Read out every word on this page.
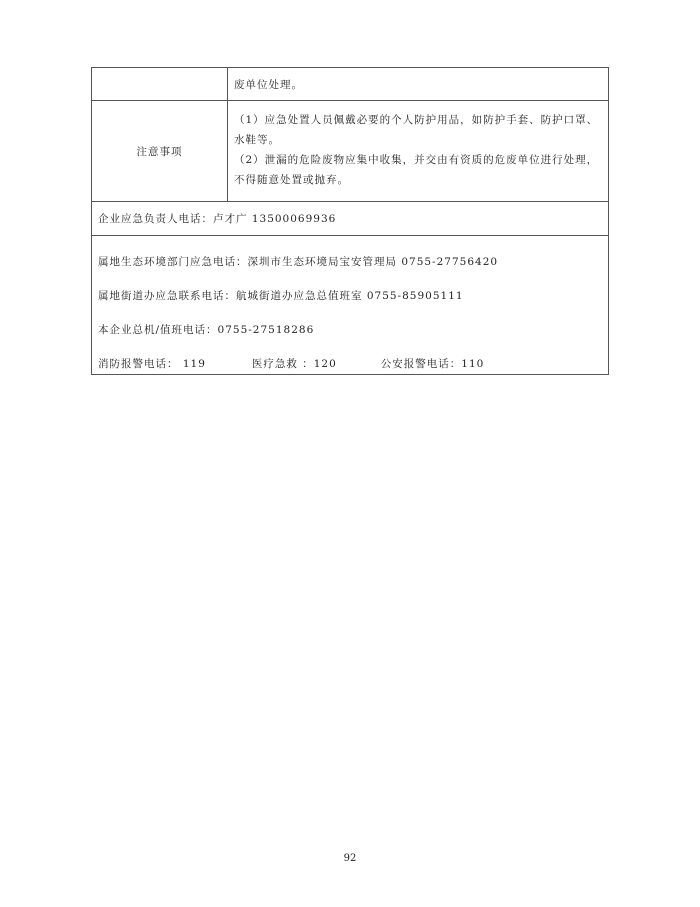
废单位处理。
注意事项

（1）应急处置人员佩戴必要的个人防护用品，如防护手套、防护口罩、

水鞋等。

（2）泄漏的危险废物应集中收集，并交由有资质的危废单位进行处理，

不得随意处置或抛弃。

企业应急负责人电话：卢才广 13500069936
属地生态环境部门应急电话：深圳市生态环境局宝安管理局 0755-27756420
属地街道办应急联系电话：航城街道办应急总值班室 0755-85905111
本企业总机/值班电话：0755-27518286
消防报警电话： 119	医疗急救 ：120	公安报警电话：110
92
